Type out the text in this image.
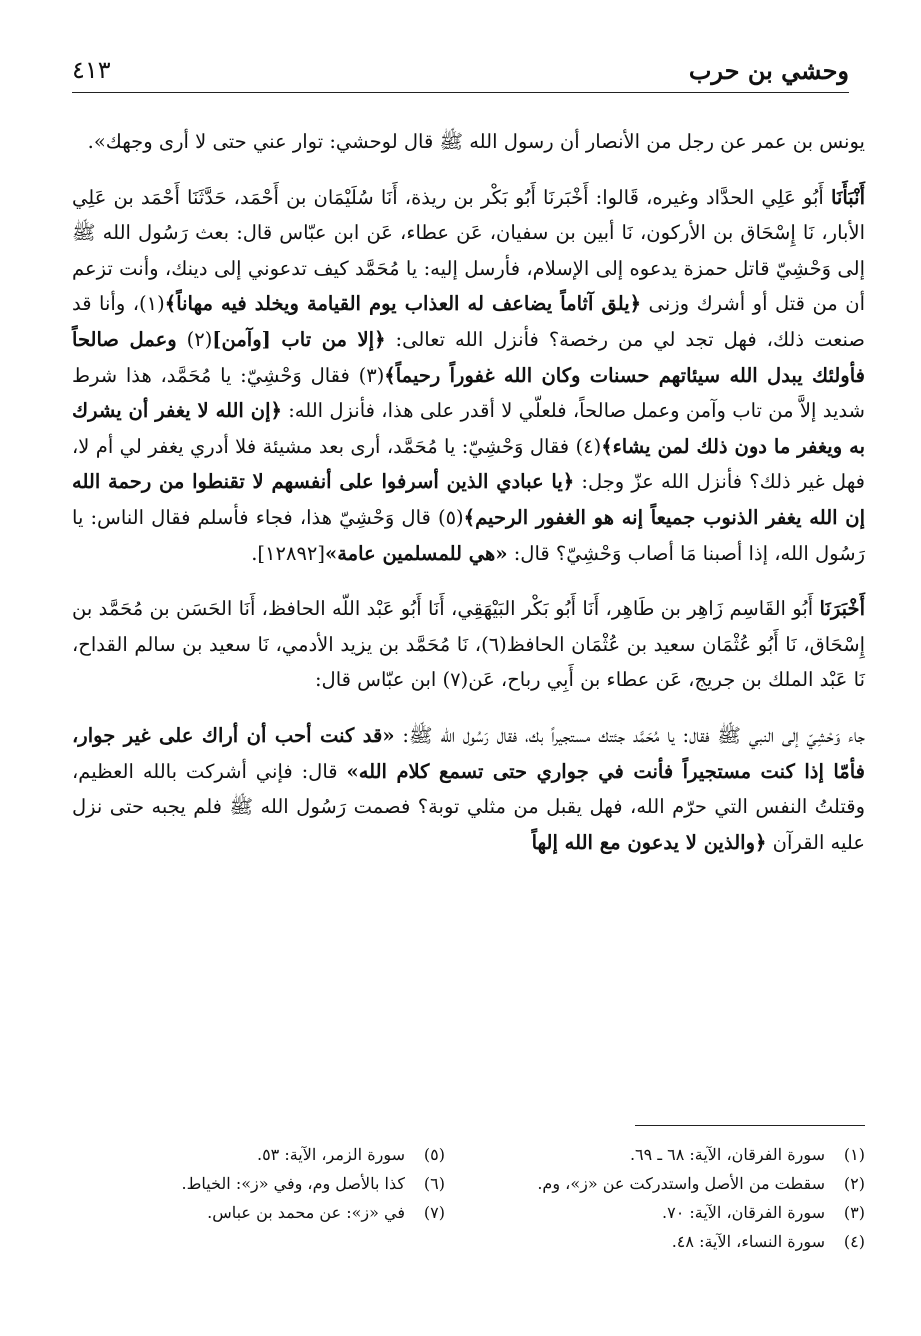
٤١٣	وحشي بن حرب

يونس بن عمر عن رجل من الأنصار أن رسول الله ﷺ قال لوحشي: توار عني حتى لا أرى وجهك».

أَنْبَأَنَا أَبُو عَلِي الحدَّاد وغيره، قَالوا: أَخْبَرنَا أَبُو بَكْر بن ريذة، أَنَا سُلَيْمَان بن أَحْمَد، حَدَّثَنَا أَحْمَد بن عَلِي الأبار، نَا إِسْحَاق بن الأركون، نَا أبين بن سفيان، عَن عطاء، عَن ابن عبّاس قال: بعث رَسُول الله ﷺ إلى وَحْشِيّ قاتل حمزة يدعوه إلى الإسلام، فأرسل إليه: يا مُحَمَّد كيف تدعوني إلى دينك، وأنت تزعم أن من قتل أو أشرك وزنى ﴿يلق آثاماً يضاعف له العذاب يوم القيامة ويخلد فيه مهاناً﴾(١)، وأنا قد صنعت ذلك، فهل تجد لي من رخصة؟ فأنزل الله تعالى: ﴿إلا من تاب [وآمن](٢) وعمل صالحاً فأولئك يبدل الله سيئاتهم حسنات وكان الله غفوراً رحيماً﴾(٣) فقال وَحْشِيّ: يا مُحَمَّد، هذا شرط شديد إلاَّ من تاب وآمن وعمل صالحاً، فلعلّي لا أقدر على هذا، فأنزل الله: ﴿إن الله لا يغفر أن يشرك به ويغفر ما دون ذلك لمن يشاء﴾(٤) فقال وَحْشِيّ: يا مُحَمَّد، أرى بعد مشيئة فلا أدري يغفر لي أم لا، فهل غير ذلك؟ فأنزل الله عزّ وجل: ﴿يا عبادي الذين أسرفوا على أنفسهم لا تقنطوا من رحمة الله إن الله يغفر الذنوب جميعاً إنه هو الغفور الرحيم﴾(٥) قال وَحْشِيّ هذا، فجاء فأسلم فقال الناس: يا رَسُول الله، إذا أصبنا مَا أصاب وَحْشِيّ؟ قال: «هي للمسلمين عامة»[١٢٨٩٢].

أَخْبَرَنَا أَبُو القَاسِم زَاهِر بن طَاهِر، أَنَا أَبُو بَكْر البَيْهَقِي، أَنَا أَبُو عَبْد اللّه الحافظ، أَنَا الحَسَن بن مُحَمَّد بن إِسْحَاق، نَا أَبُو عُثْمَان سعيد بن عُثْمَان الحافظ(٦)، نَا مُحَمَّد بن يزيد الأدمي، نَا سعيد بن سالم القداح، نَا عَبْد الملك بن جريج، عَن عطاء بن أَبِي رباح، عَن(٧) ابن عبّاس قال:

جاء وَحْشِيّ إلى النبي ﷺ فقال: يا مُحَمَّد جئتك مستجيراً بك، فقال رَسُول الله ﷺ: «قد كنت أحب أن أراك على غير جوار، فأمّا إذا كنت مستجيراً فأنت في جواري حتى تسمع كلام الله» قال: فإني أشركت بالله العظيم، وقتلتُ النفس التي حرّم الله، فهل يقبل من مثلي توبة؟ فصمت رَسُول الله ﷺ فلم يجبه حتى نزل عليه القرآن ﴿والذين لا يدعون مع الله إلهاً

(١)سورة الفرقان، الآية: ٦٨ ـ ٦٩.
(٢)سقطت من الأصل واستدركت عن «ز»، وم.
(٣)سورة الفرقان، الآية: ٧٠.
(٤)سورة النساء، الآية: ٤٨.
(٥)سورة الزمر، الآية: ٥٣.
(٦)كذا بالأصل وم، وفي «ز»: الخياط.
(٧)في «ز»: عن محمد بن عباس.
